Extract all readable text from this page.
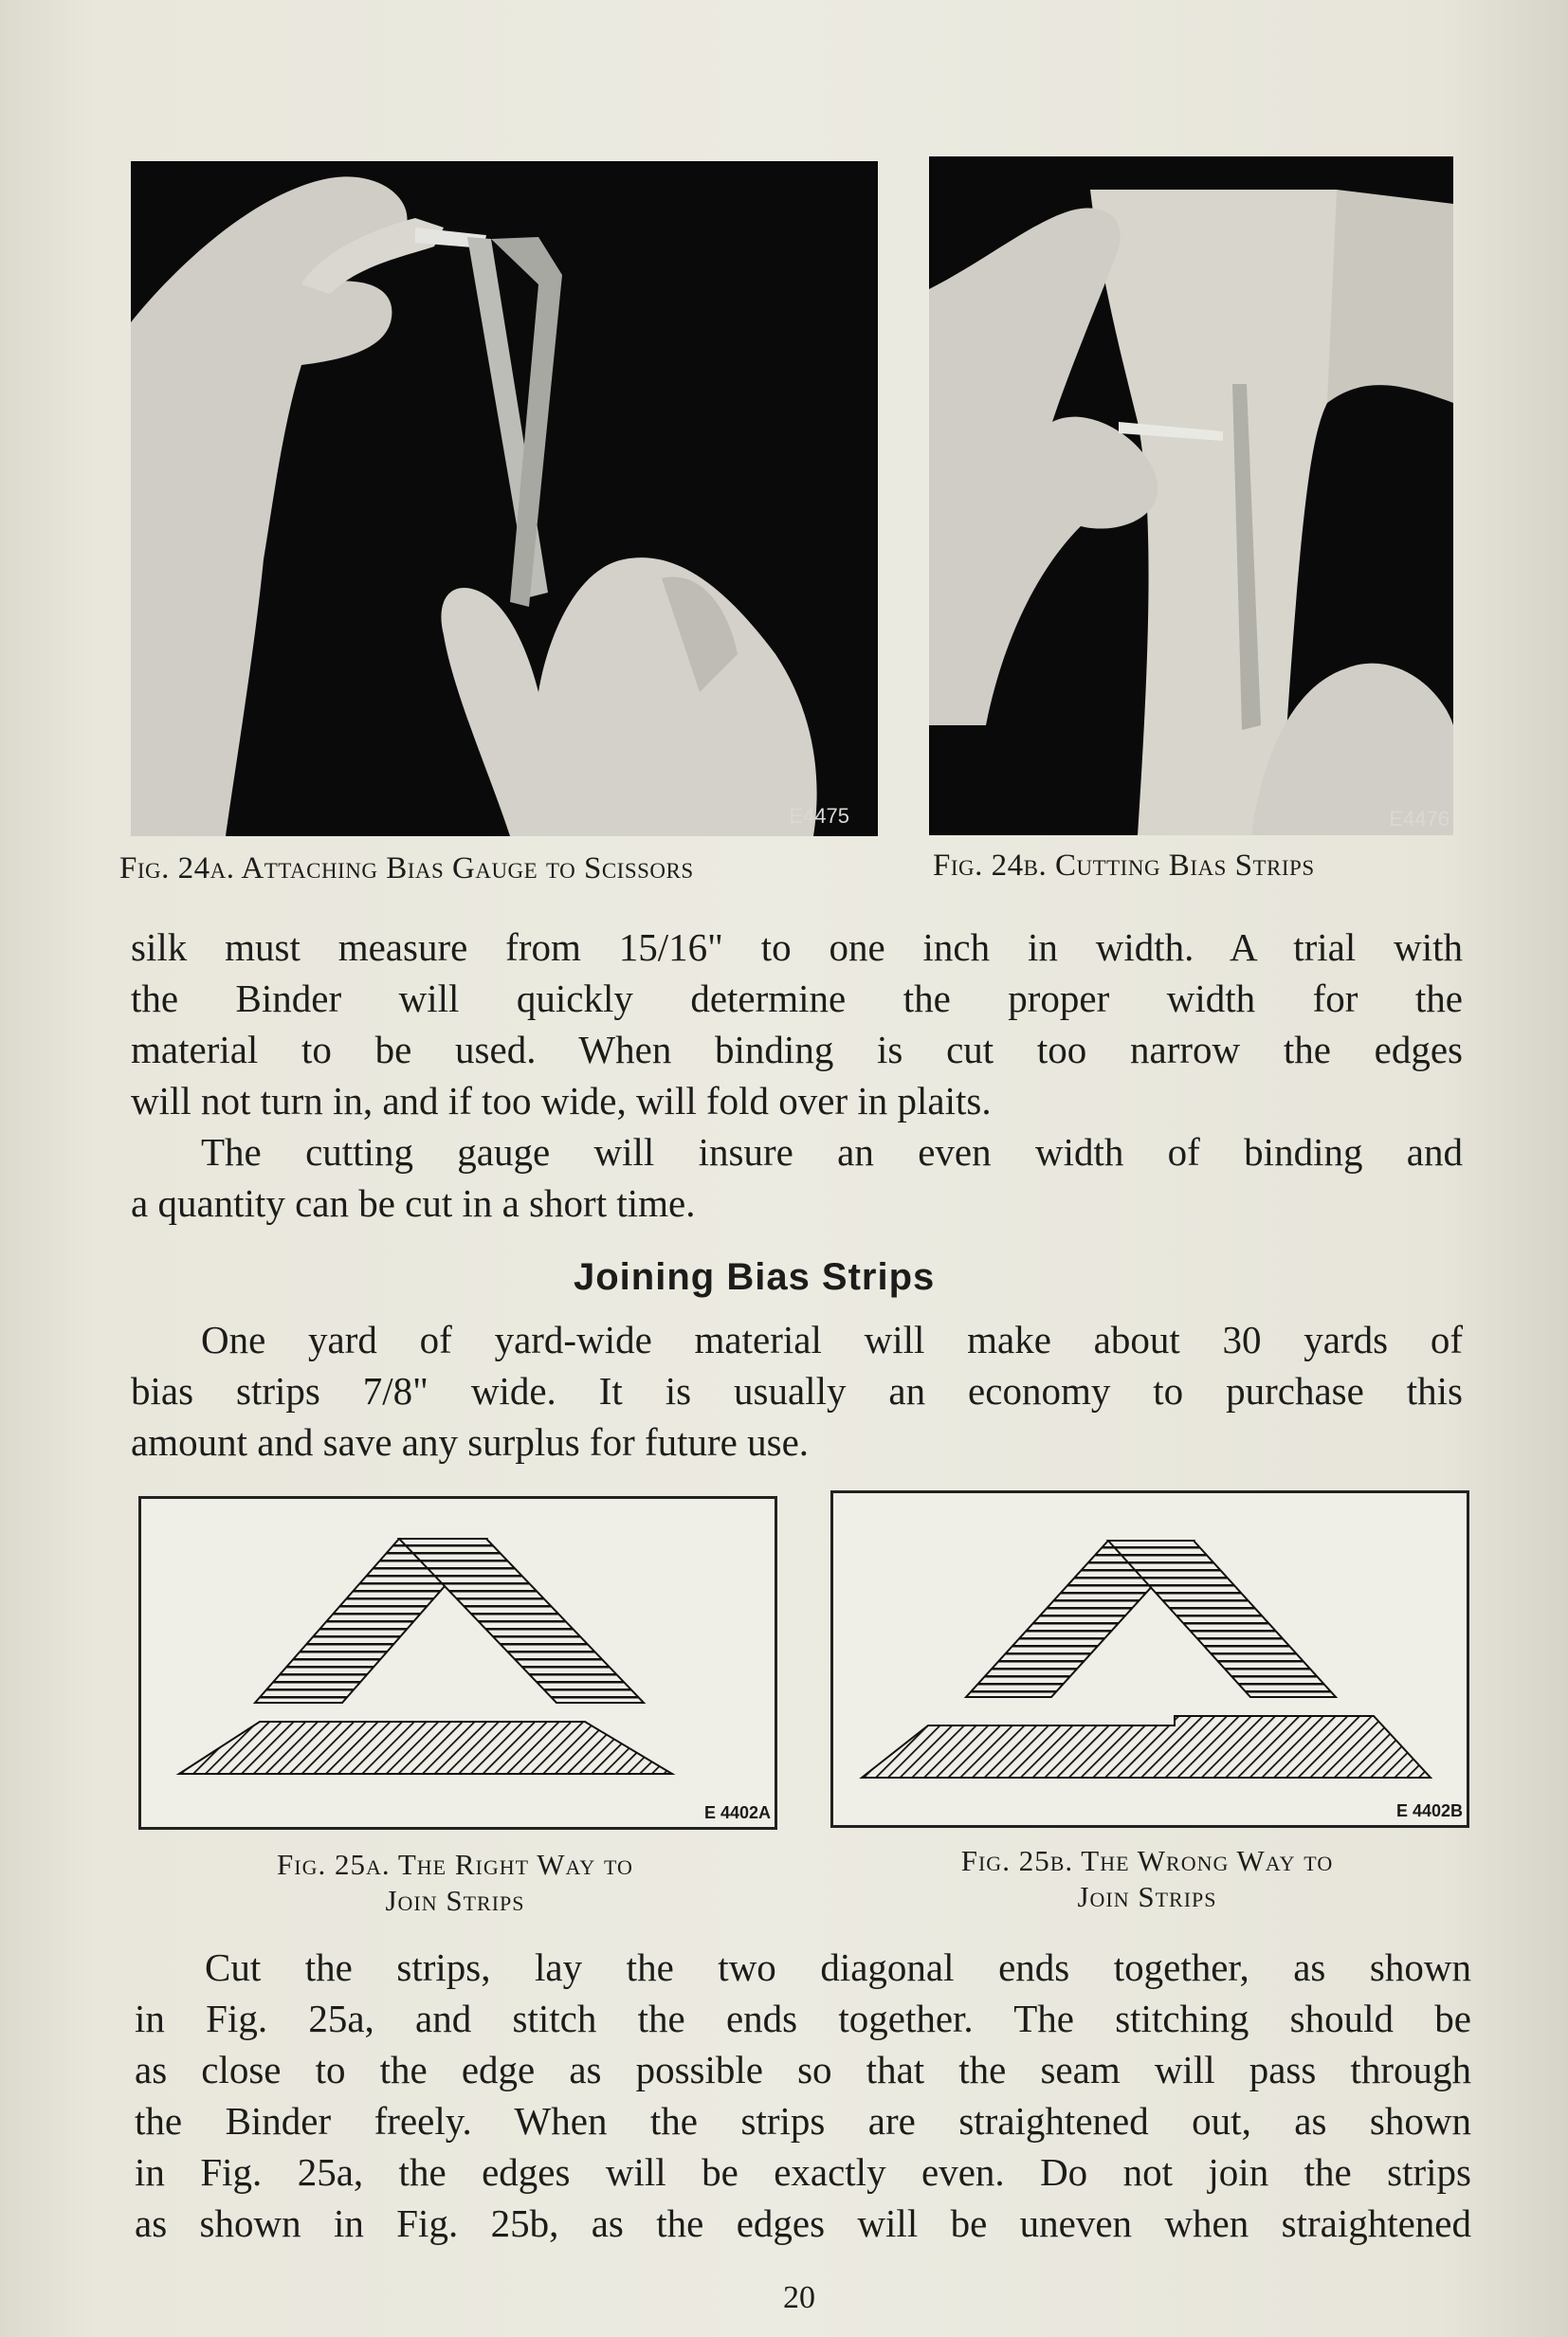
E4475	E4476
Fig. 24a. Attaching Bias Gauge to Scissors	Fig. 24b. Cutting Bias Strips
silk must measure from 15/16" to one inch in width. A trial with
the Binder will quickly determine the proper width for the
material to be used. When binding is cut too narrow the edges
will not turn in, and if too wide, will fold over in plaits.
The cutting gauge will insure an even width of binding and
a quantity can be cut in a short time.
Joining Bias Strips
One yard of yard-wide material will make about 30 yards of
bias strips 7/8" wide. It is usually an economy to purchase this
amount and save any surplus for future use.
E 4402A	E 4402B
Fig. 25a. The Right Way to
Join Strips
Fig. 25b. The Wrong Way to
Join Strips
Cut the strips, lay the two diagonal ends together, as shown
in Fig. 25a, and stitch the ends together. The stitching should be
as close to the edge as possible so that the seam will pass through
the Binder freely. When the strips are straightened out, as shown
in Fig. 25a, the edges will be exactly even. Do not join the strips
as shown in Fig. 25b, as the edges will be uneven when straightened
20
